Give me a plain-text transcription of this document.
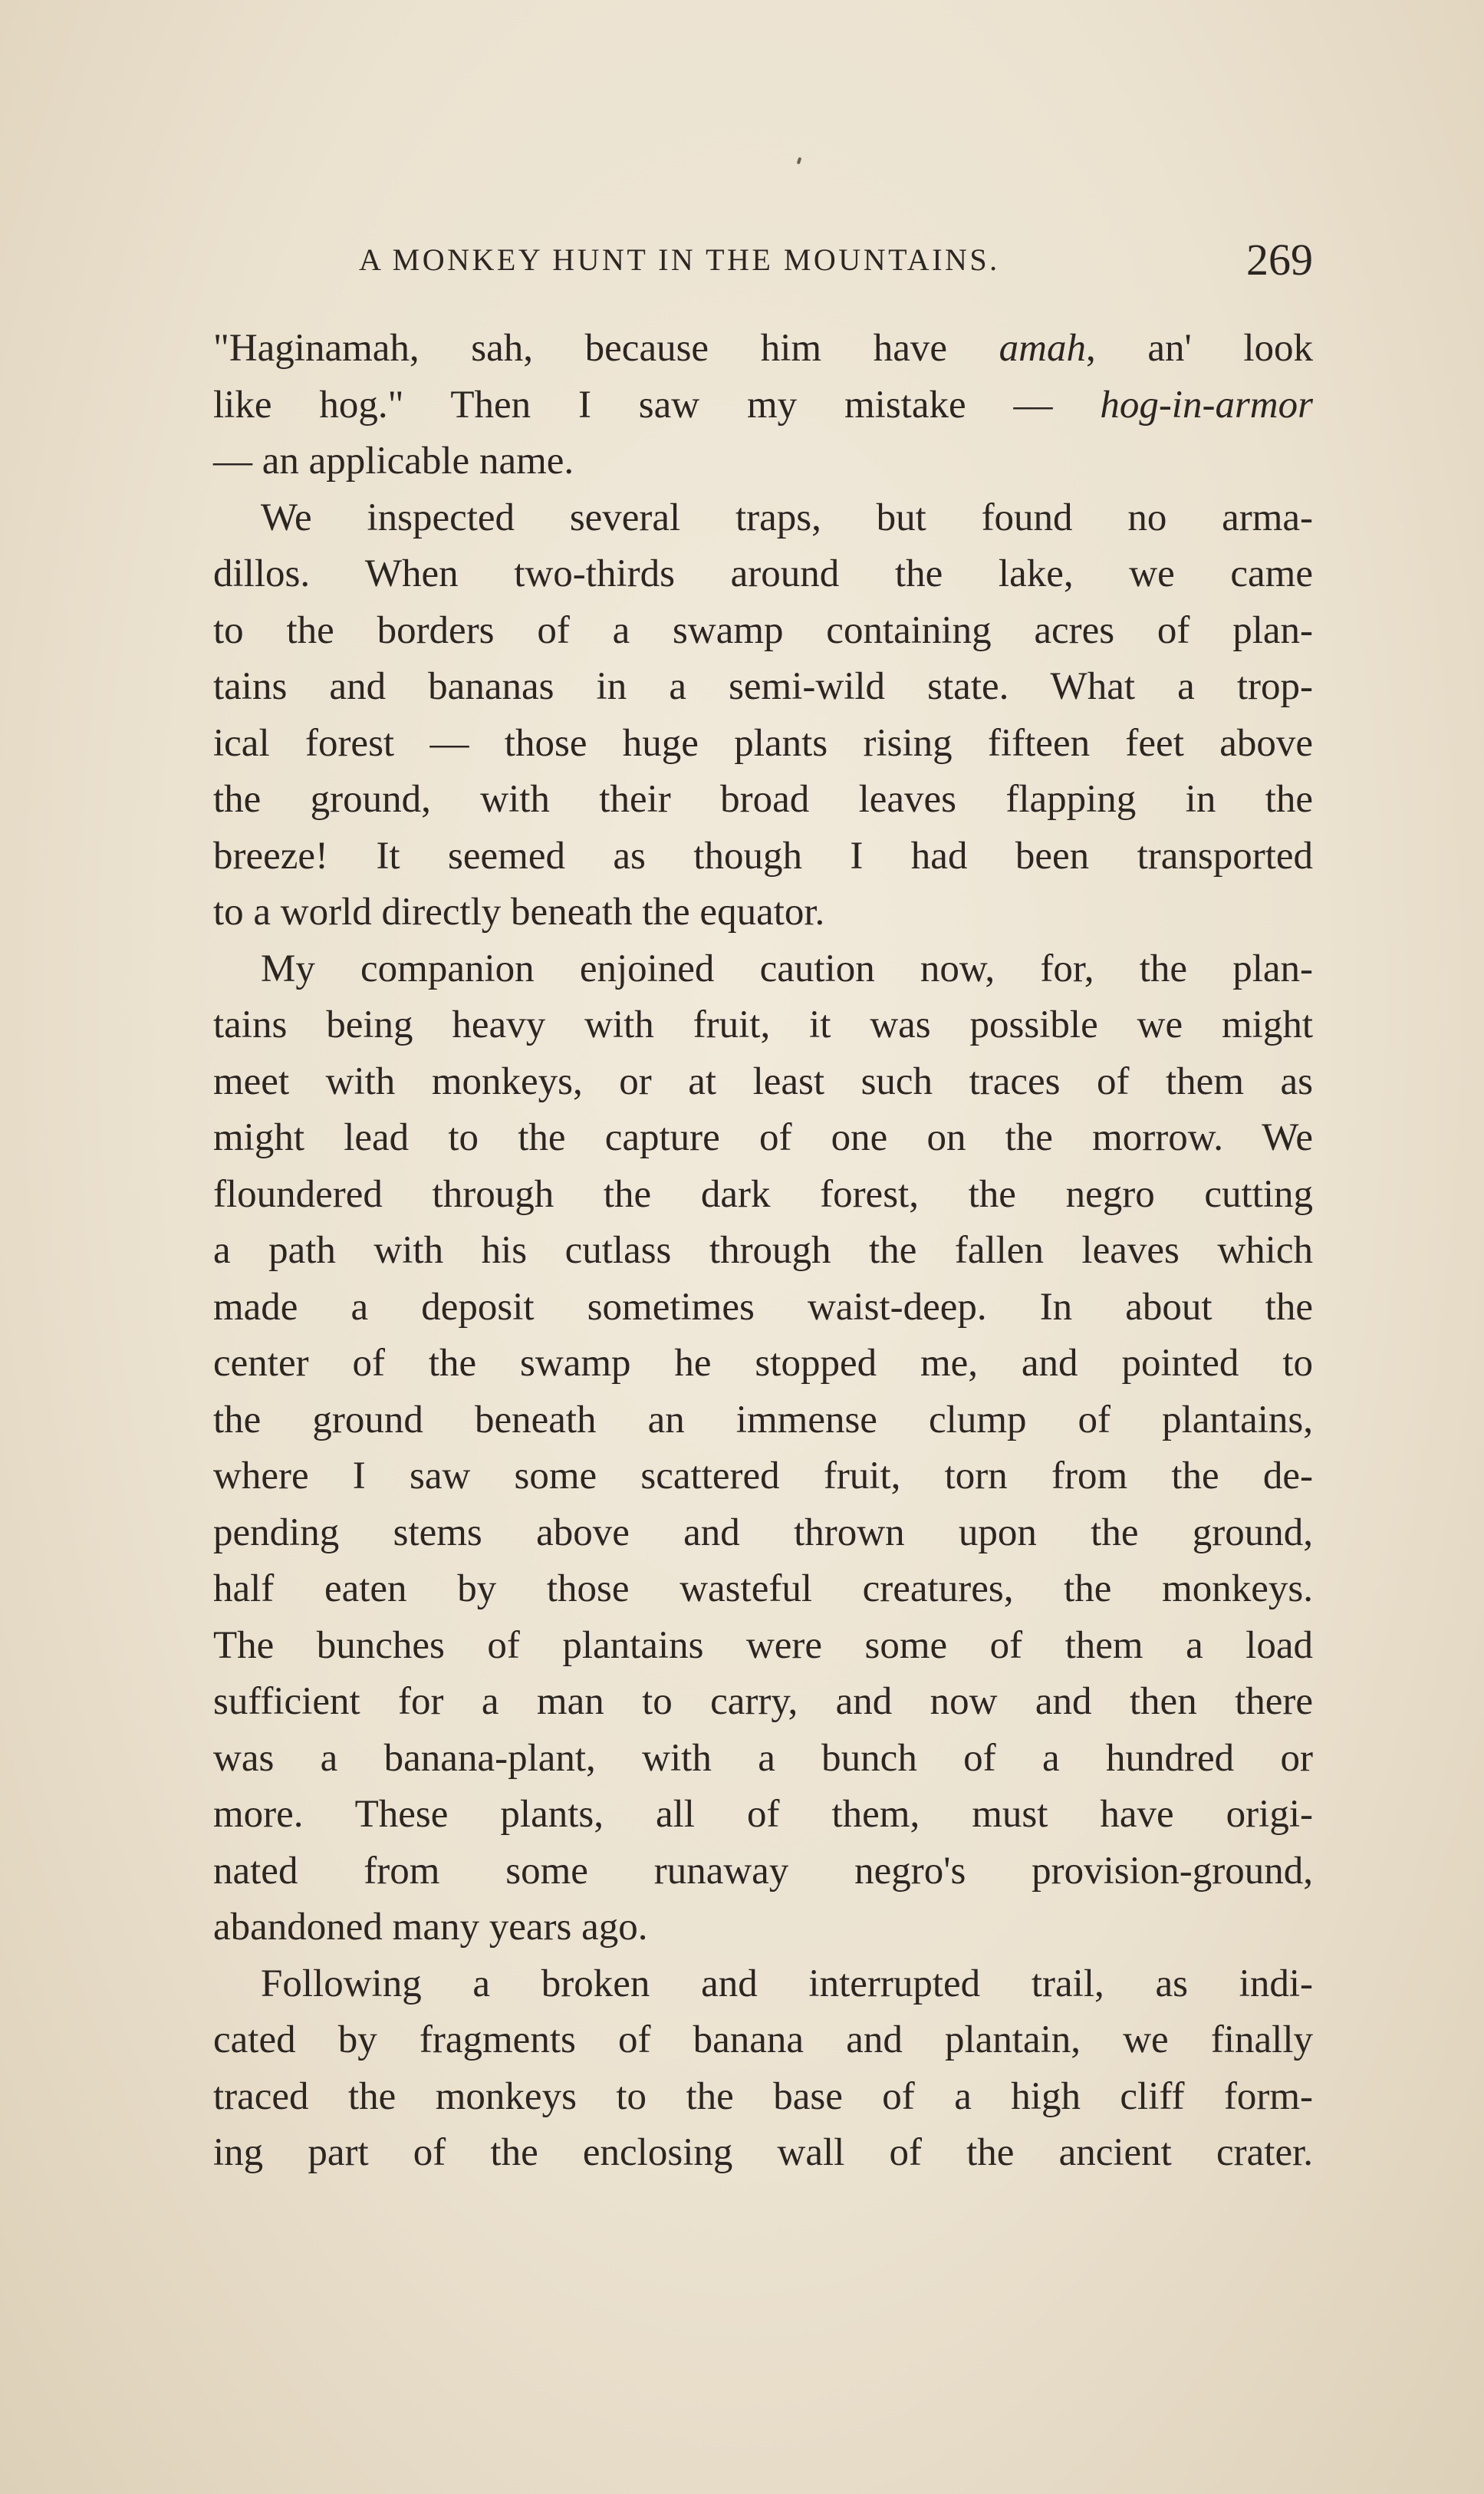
A MONKEY HUNT IN THE MOUNTAINS.	269

"Haginamah, sah, because him have amah, an' look
like hog." Then I saw my mistake — hog-in-armor
— an applicable name.

We inspected several traps, but found no arma-
dillos. When two-thirds around the lake, we came
to the borders of a swamp containing acres of plan-
tains and bananas in a semi-wild state. What a trop-
ical forest — those huge plants rising fifteen feet above
the ground, with their broad leaves flapping in the
breeze! It seemed as though I had been transported
to a world directly beneath the equator.

My companion enjoined caution now, for, the plan-
tains being heavy with fruit, it was possible we might
meet with monkeys, or at least such traces of them as
might lead to the capture of one on the morrow. We
floundered through the dark forest, the negro cutting
a path with his cutlass through the fallen leaves which
made a deposit sometimes waist-deep. In about the
center of the swamp he stopped me, and pointed to
the ground beneath an immense clump of plantains,
where I saw some scattered fruit, torn from the de-
pending stems above and thrown upon the ground,
half eaten by those wasteful creatures, the monkeys.
The bunches of plantains were some of them a load
sufficient for a man to carry, and now and then there
was a banana-plant, with a bunch of a hundred or
more. These plants, all of them, must have origi-
nated from some runaway negro's provision-ground,
abandoned many years ago.

Following a broken and interrupted trail, as indi-
cated by fragments of banana and plantain, we finally
traced the monkeys to the base of a high cliff form-
ing part of the enclosing wall of the ancient crater.
